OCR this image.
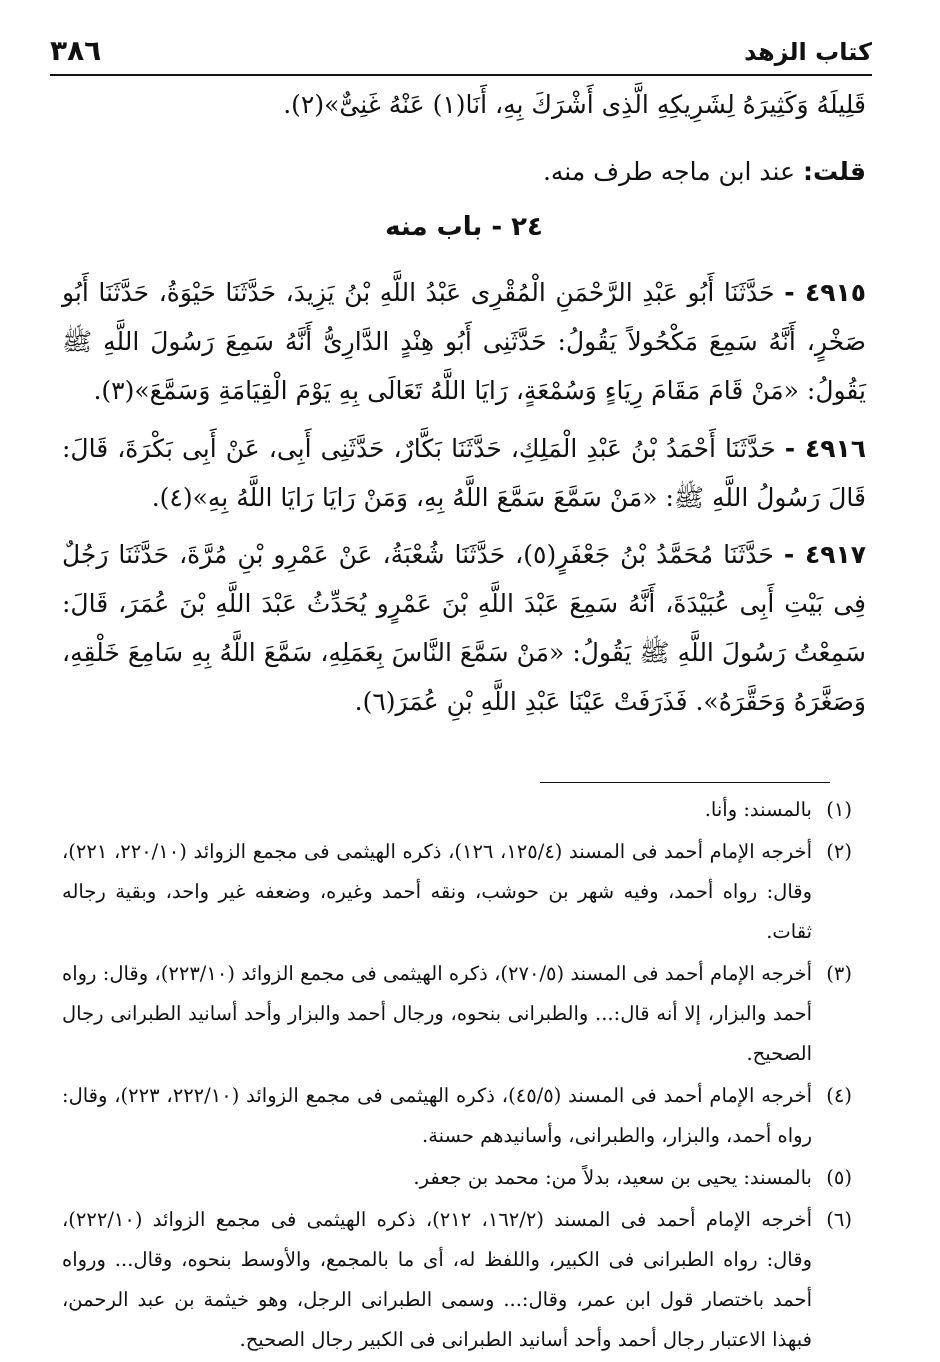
كتاب الزهد
٣٨٦
قَلِيلَهُ وَكَثِيرَهُ لِشَرِيكِهِ الَّذِى أَشْرَكَ بِهِ، أَنَا(١) عَنْهُ غَنِىٌّ»(٢).
قلت: عند ابن ماجه طرف منه.
٢٤ - باب منه
٤٩١٥ - حَدَّثَنَا أَبُو عَبْدِ الرَّحْمَنِ الْمُقْرِى عَبْدُ اللَّهِ بْنُ يَزِيدَ، حَدَّثَنَا حَيْوَةُ، حَدَّثَنَا أَبُو صَخْرٍ، أَنَّهُ سَمِعَ مَكْحُولاً يَقُولُ: حَدَّثَنِى أَبُو هِنْدٍ الدَّارِىُّ أَنَّهُ سَمِعَ رَسُولَ اللَّهِ ﷺ يَقُولُ: «مَنْ قَامَ مَقَامَ رِيَاءٍ وَسُمْعَةٍ، رَايَا اللَّهُ تَعَالَى بِهِ يَوْمَ الْقِيَامَةِ وَسَمَّعَ»(٣).
٤٩١٦ - حَدَّثَنَا أَحْمَدُ بْنُ عَبْدِ الْمَلِكِ، حَدَّثَنَا بَكَّارٌ، حَدَّثَنِى أَبِى، عَنْ أَبِى بَكْرَةَ، قَالَ: قَالَ رَسُولُ اللَّهِ ﷺ: «مَنْ سَمَّعَ سَمَّعَ اللَّهُ بِهِ، وَمَنْ رَايَا رَايَا اللَّهُ بِهِ»(٤).
٤٩١٧ - حَدَّثَنَا مُحَمَّدُ بْنُ جَعْفَرٍ(٥)، حَدَّثَنَا شُعْبَةُ، عَنْ عَمْرِو بْنِ مُرَّةَ، حَدَّثَنَا رَجُلٌ فِى بَيْتِ أَبِى عُبَيْدَةَ، أَنَّهُ سَمِعَ عَبْدَ اللَّهِ بْنَ عَمْرٍو يُحَدِّثُ عَبْدَ اللَّهِ بْنَ عُمَرَ، قَالَ: سَمِعْتُ رَسُولَ اللَّهِ ﷺ يَقُولُ: «مَنْ سَمَّعَ النَّاسَ بِعَمَلِهِ، سَمَّعَ اللَّهُ بِهِ سَامِعَ خَلْقِهِ، وَصَغَّرَهُ وَحَقَّرَهُ». فَذَرَفَتْ عَيْنَا عَبْدِ اللَّهِ بْنِ عُمَرَ(٦).
(١)
بالمسند: وأنا.
(٢)
أخرجه الإمام أحمد فى المسند (١٢٥/٤، ١٢٦)، ذكره الهيثمى فى مجمع الزوائد (٢٢٠/١٠، ٢٢١)، وقال: رواه أحمد، وفيه شهر بن حوشب، ونقه أحمد وغيره، وضعفه غير واحد، وبقية رجاله ثقات.
(٣)
أخرجه الإمام أحمد فى المسند (٢٧٠/٥)، ذكره الهيثمى فى مجمع الزوائد (٢٢٣/١٠)، وقال: رواه أحمد والبزار، إلا أنه قال:... والطبرانى بنحوه، ورجال أحمد والبزار وأحد أسانيد الطبرانى رجال الصحيح.
(٤)
أخرجه الإمام أحمد فى المسند (٤٥/٥)، ذكره الهيثمى فى مجمع الزوائد (٢٢٢/١٠، ٢٢٣)، وقال: رواه أحمد، والبزار، والطبرانى، وأسانيدهم حسنة.
(٥)
بالمسند: يحيى بن سعيد، بدلاً من: محمد بن جعفر.
(٦)
أخرجه الإمام أحمد فى المسند (١٦٢/٢، ٢١٢)، ذكره الهيثمى فى مجمع الزوائد (٢٢٢/١٠)، وقال: رواه الطبرانى فى الكبير، واللفظ له، أى ما بالمجمع، والأوسط بنحوه، وقال... ورواه أحمد باختصار قول ابن عمر، وقال:... وسمى الطبرانى الرجل، وهو خيثمة بن عبد الرحمن، فبهذا الاعتبار رجال أحمد وأحد أسانيد الطبرانى فى الكبير رجال الصحيح.
